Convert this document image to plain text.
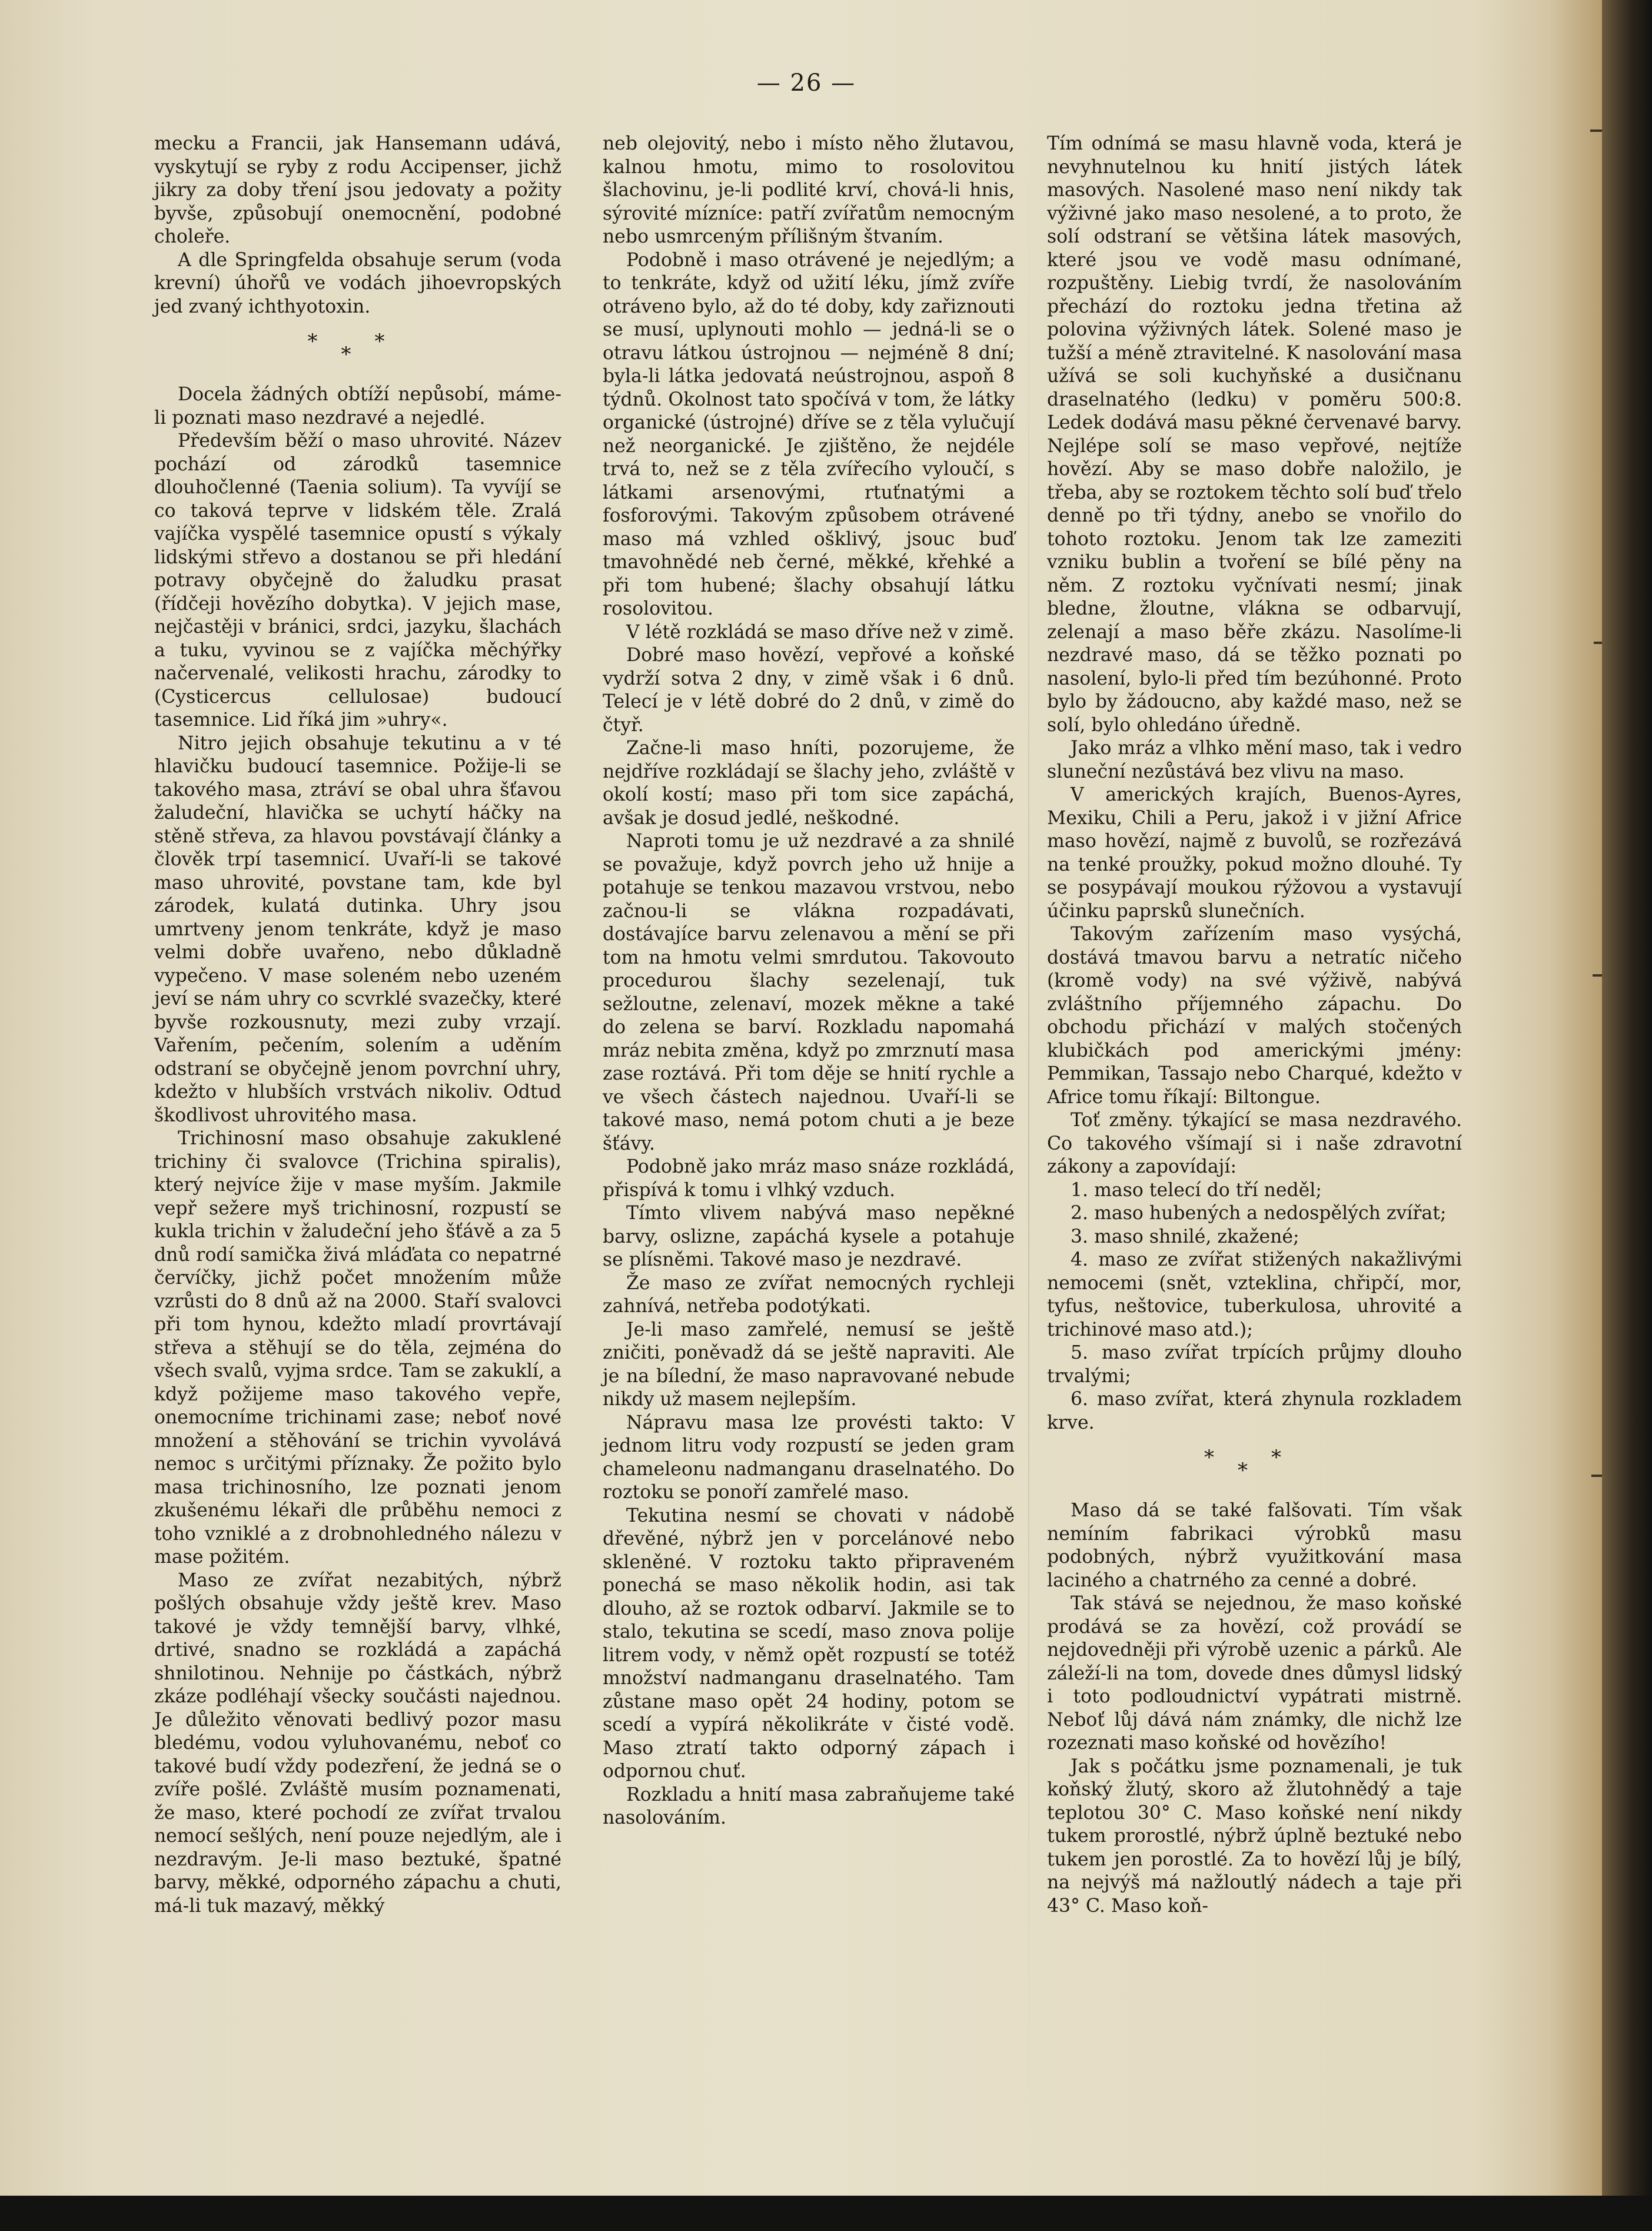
— 26 —

mecku a Francii, jak Hansemann udává, vyskytují se ryby z rodu Accipenser, jichž jikry za doby tření jsou jedovaty a požity byvše, způsobují onemocnění, podobné choleře.

A dle Springfelda obsahuje serum (voda krevní) úhořů ve vodách jihoevropských jed zvaný ichthyotoxin.

***

Docela žádných obtíží nepůsobí, máme-li poznati maso nezdravé a nejedlé.

Především běží o maso uhrovité. Název pochází od zárodků tasemnice dlouhočlenné (Taenia solium). Ta vyvíjí se co taková teprve v lidském těle. Zralá vajíčka vyspělé tasemnice opustí s výkaly lidskými střevo a dostanou se při hledání potravy obyčejně do žaludku prasat (řídčeji hovězího dobytka). V jejich mase, nejčastěji v bránici, srdci, jazyku, šlachách a tuku, vyvinou se z vajíčka měchýřky načervenalé, velikosti hrachu, zárodky to (Cysticercus cellulosae) budoucí tasemnice. Lid říká jim »uhry«.

Nitro jejich obsahuje tekutinu a v té hlavičku budoucí tasemnice. Požije-li se takového masa, ztráví se obal uhra šťavou žaludeční, hlavička se uchytí háčky na stěně střeva, za hlavou povstávají články a člověk trpí tasemnicí. Uvaří-li se takové maso uhrovité, povstane tam, kde byl zárodek, kulatá dutinka. Uhry jsou umrtveny jenom tenkráte, když je maso velmi dobře uvařeno, nebo důkladně vypečeno. V mase soleném nebo uzeném jeví se nám uhry co scvrklé svazečky, které byvše rozkousnuty, mezi zuby vrzají. Vařením, pečením, solením a uděním odstraní se obyčejně jenom povrchní uhry, kdežto v hlubších vrstvách nikoliv. Odtud škodlivost uhrovitého masa.

Trichinosní maso obsahuje zakuklené trichiny či svalovce (Trichina spiralis), který nejvíce žije v mase myším. Jakmile vepř sežere myš trichinosní, rozpustí se kukla trichin v žaludeční jeho šťávě a za 5 dnů rodí samička živá mláďata co nepatrné červíčky, jichž počet množením může vzrůsti do 8 dnů až na 2000. Staří svalovci při tom hynou, kdežto mladí provrtávají střeva a stěhují se do těla, zejména do všech svalů, vyjma srdce. Tam se zakuklí, a když požijeme maso takového vepře, onemocníme trichinami zase; neboť nové množení a stěhování se trichin vyvolává nemoc s určitými příznaky. Že požito bylo masa trichinosního, lze poznati jenom zkušenému lékaři dle průběhu nemoci z toho vzniklé a z drobnohledného nálezu v mase požitém.

Maso ze zvířat nezabitých, nýbrž pošlých obsahuje vždy ještě krev. Maso takové je vždy temnější barvy, vlhké, drtivé, snadno se rozkládá a zapáchá shnilotinou. Nehnije po částkách, nýbrž zkáze podléhají všecky součásti najednou. Je důležito věnovati bedlivý pozor masu bledému, vodou vyluhovanému, neboť co takové budí vždy podezření, že jedná se o zvíře pošlé. Zvláště musím poznamenati, že maso, které pochodí ze zvířat trvalou nemocí sešlých, není pouze nejedlým, ale i nezdravým. Je-li maso beztuké, špatné barvy, měkké, odporného zápachu a chuti, má-li tuk mazavý, měkký

neb olejovitý, nebo i místo něho žlutavou, kalnou hmotu, mimo to rosolovitou šlachovinu, je-li podlité krví, chová-li hnis, sýrovité mízníce: patří zvířatům nemocným nebo usmrceným přílišným štvaním.

Podobně i maso otrávené je nejedlým; a to tenkráte, když od užití léku, jímž zvíře otráveno bylo, až do té doby, kdy zařiznouti se musí, uplynouti mohlo — jedná-li se o otravu látkou ústrojnou — nejméně 8 dní; byla-li látka jedovatá neústrojnou, aspoň 8 týdnů. Okolnost tato spočívá v tom, že látky organické (ústrojné) dříve se z těla vylučují než neorganické. Je zjištěno, že nejdéle trvá to, než se z těla zvířecího vyloučí, s látkami arsenovými, rtuťnatými a fosforovými. Takovým způsobem otrávené maso má vzhled ošklivý, jsouc buď tmavohnědé neb černé, měkké, křehké a při tom hubené; šlachy obsahují látku rosolovitou.

V létě rozkládá se maso dříve než v zimě.

Dobré maso hovězí, vepřové a koňské vydrží sotva 2 dny, v zimě však i 6 dnů. Telecí je v létě dobré do 2 dnů, v zimě do čtyř.

Začne-li maso hníti, pozorujeme, že nejdříve rozkládají se šlachy jeho, zvláště v okolí kostí; maso při tom sice zapáchá, avšak je dosud jedlé, neškodné.

Naproti tomu je už nezdravé a za shnilé se považuje, když povrch jeho už hnije a potahuje se tenkou mazavou vrstvou, nebo začnou-li se vlákna rozpadávati, dostávajíce barvu zelenavou a mění se při tom na hmotu velmi smrdutou. Takovouto procedurou šlachy sezelenají, tuk sežloutne, zelenaví, mozek měkne a také do zelena se barví. Rozkladu napomahá mráz nebita změna, když po zmrznutí masa zase roztává. Při tom děje se hnití rychle a ve všech částech najednou. Uvaří-li se takové maso, nemá potom chuti a je beze šťávy.

Podobně jako mráz maso snáze rozkládá, přispívá k tomu i vlhký vzduch.

Tímto vlivem nabývá maso nepěkné barvy, oslizne, zapáchá kysele a potahuje se plísněmi. Takové maso je nezdravé.

Že maso ze zvířat nemocných rychleji zahnívá, netřeba podotýkati.

Je-li maso zamřelé, nemusí se ještě zničiti, poněvadž dá se ještě napraviti. Ale je na bílední, že maso napravované nebude nikdy už masem nejlepším.

Nápravu masa lze provésti takto: V jednom litru vody rozpustí se jeden gram chameleonu nadmanganu draselnatého. Do roztoku se ponoří zamřelé maso.

Tekutina nesmí se chovati v nádobě dřevěné, nýbrž jen v porcelánové nebo skleněné. V roztoku takto připraveném ponechá se maso několik hodin, asi tak dlouho, až se roztok odbarví. Jakmile se to stalo, tekutina se scedí, maso znova polije litrem vody, v němž opět rozpustí se totéž množství nadmanganu draselnatého. Tam zůstane maso opět 24 hodiny, potom se scedí a vypírá několikráte v čisté vodě. Maso ztratí takto odporný zápach i odpornou chuť.

Rozkladu a hnití masa zabraňujeme také nasolováním.

Tím odnímá se masu hlavně voda, která je nevyhnutelnou ku hnití jistých látek masových. Nasolené maso není nikdy tak výživné jako maso nesolené, a to proto, že solí odstraní se většina látek masových, které jsou ve vodě masu odnímané, rozpuštěny. Liebig tvrdí, že nasolováním přechází do roztoku jedna třetina až polovina výživných látek. Solené maso je tužší a méně ztravitelné. K nasolování masa užívá se soli kuchyňské a dusičnanu draselnatého (ledku) v poměru 500:8. Ledek dodává masu pěkné červenavé barvy. Nejlépe solí se maso vepřové, nejtíže hovězí. Aby se maso dobře naložilo, je třeba, aby se roztokem těchto solí buď třelo denně po tři týdny, anebo se vnořilo do tohoto roztoku. Jenom tak lze zameziti vzniku bublin a tvoření se bílé pěny na něm. Z roztoku vyčnívati nesmí; jinak bledne, žloutne, vlákna se odbarvují, zelenají a maso běře zkázu. Nasolíme-li nezdravé maso, dá se těžko poznati po nasolení, bylo-li před tím bezúhonné. Proto bylo by žádoucno, aby každé maso, než se solí, bylo ohledáno úředně.

Jako mráz a vlhko mění maso, tak i vedro sluneční nezůstává bez vlivu na maso.

V amerických krajích, Buenos-Ayres, Mexiku, Chili a Peru, jakož i v jižní Africe maso hovězí, najmě z buvolů, se rozřezává na tenké proužky, pokud možno dlouhé. Ty se posypávají moukou rýžovou a vystavují účinku paprsků slunečních.

Takovým zařízením maso vysýchá, dostává tmavou barvu a netratíc ničeho (kromě vody) na své výživě, nabývá zvláštního příjemného zápachu. Do obchodu přichází v malých stočených klubičkách pod americkými jmény: Pemmikan, Tassajo nebo Charqué, kdežto v Africe tomu říkají: Biltongue.

Toť změny. týkající se masa nezdravého. Co takového všímají si i naše zdravotní zákony a zapovídají:

1. maso telecí do tří neděl;

2. maso hubených a nedospělých zvířat;

3. maso shnilé, zkažené;

4. maso ze zvířat stižených nakažlivými nemocemi (snět, vzteklina, chřipčí, mor, tyfus, neštovice, tuberkulosa, uhrovité a trichinové maso atd.);

5. maso zvířat trpících průjmy dlouho trvalými;

6. maso zvířat, která zhynula rozkladem krve.

***

Maso dá se také falšovati. Tím však nemíním fabrikaci výrobků masu podobných, nýbrž využitkování masa laciného a chatrného za cenné a dobré.

Tak stává se nejednou, že maso koňské prodává se za hovězí, což provádí se nejdovedněji při výrobě uzenic a párků. Ale záleží-li na tom, dovede dnes důmysl lidský i toto podloudnictví vypátrati mistrně. Neboť lůj dává nám známky, dle nichž lze rozeznati maso koňské od hovězího!

Jak s počátku jsme poznamenali, je tuk koňský žlutý, skoro až žlutohnědý a taje teplotou 30° C. Maso koňské není nikdy tukem prorostlé, nýbrž úplně beztuké nebo tukem jen porostlé. Za to hovězí lůj je bílý, na nejvýš má nažloutlý nádech a taje při 43° C. Maso koň-
